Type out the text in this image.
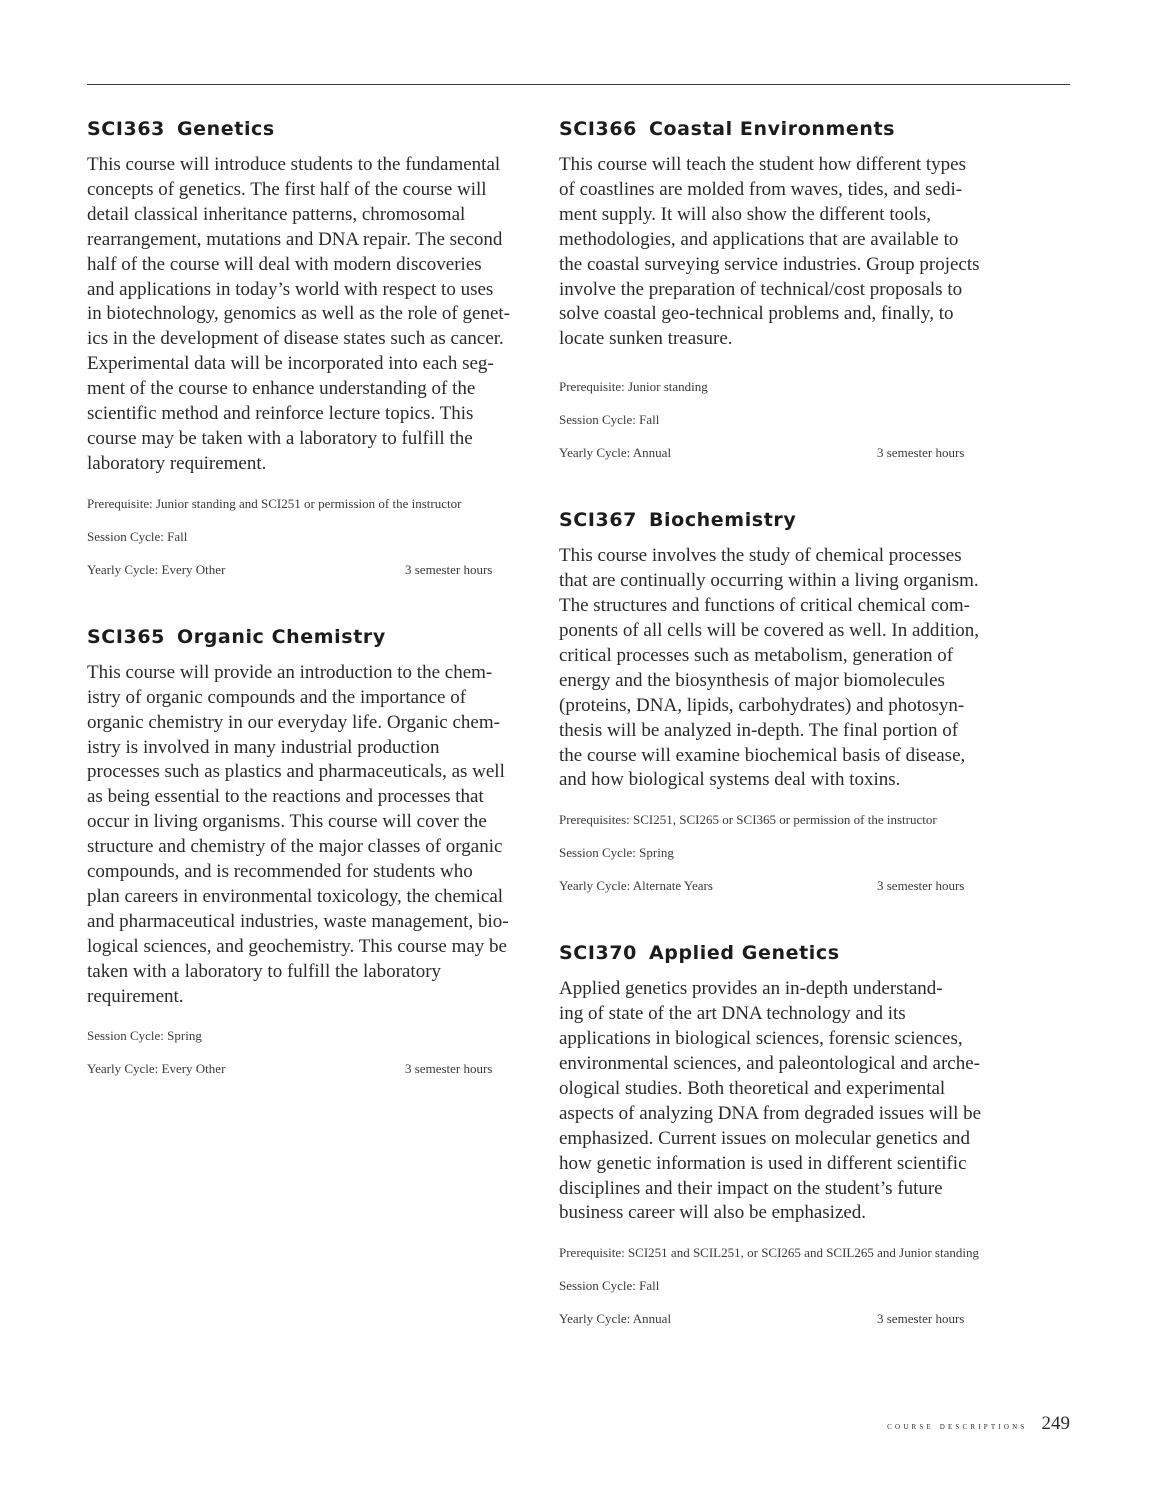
SCI363 Genetics

This course will introduce students to the fundamental
concepts of genetics. The first half of the course will
detail classical inheritance patterns, chromosomal
rearrangement, mutations and DNA repair. The second
half of the course will deal with modern discoveries
and applications in today’s world with respect to uses
in biotechnology, genomics as well as the role of genet-
ics in the development of disease states such as cancer.
Experimental data will be incorporated into each seg-
ment of the course to enhance understanding of the
scientific method and reinforce lecture topics. This
course may be taken with a laboratory to fulfill the
laboratory requirement.

Prerequisite: Junior standing and SCI251 or permission of the instructor

Session Cycle: Fall

Yearly Cycle: Every Other	3 semester hours

SCI365 Organic Chemistry

This course will provide an introduction to the chem-
istry of organic compounds and the importance of
organic chemistry in our everyday life. Organic chem-
istry is involved in many industrial production
processes such as plastics and pharmaceuticals, as well
as being essential to the reactions and processes that
occur in living organisms. This course will cover the
structure and chemistry of the major classes of organic
compounds, and is recommended for students who
plan careers in environmental toxicology, the chemical
and pharmaceutical industries, waste management, bio-
logical sciences, and geochemistry. This course may be
taken with a laboratory to fulfill the laboratory
requirement.

Session Cycle: Spring

Yearly Cycle: Every Other	3 semester hours

SCI366 Coastal Environments

This course will teach the student how different types
of coastlines are molded from waves, tides, and sedi-
ment supply. It will also show the different tools,
methodologies, and applications that are available to
the coastal surveying service industries. Group projects
involve the preparation of technical/cost proposals to
solve coastal geo-technical problems and, finally, to
locate sunken treasure.

Prerequisite: Junior standing

Session Cycle: Fall

Yearly Cycle: Annual	3 semester hours

SCI367 Biochemistry

This course involves the study of chemical processes
that are continually occurring within a living organism.
The structures and functions of critical chemical com-
ponents of all cells will be covered as well. In addition,
critical processes such as metabolism, generation of
energy and the biosynthesis of major biomolecules
(proteins, DNA, lipids, carbohydrates) and photosyn-
thesis will be analyzed in-depth. The final portion of
the course will examine biochemical basis of disease,
and how biological systems deal with toxins.

Prerequisites: SCI251, SCI265 or SCI365 or permission of the instructor

Session Cycle: Spring

Yearly Cycle: Alternate Years	3 semester hours

SCI370 Applied Genetics

Applied genetics provides an in-depth understand-
ing of state of the art DNA technology and its
applications in biological sciences, forensic sciences,
environmental sciences, and paleontological and arche-
ological studies. Both theoretical and experimental
aspects of analyzing DNA from degraded issues will be
emphasized. Current issues on molecular genetics and
how genetic information is used in different scientific
disciplines and their impact on the student’s future
business career will also be emphasized.

Prerequisite: SCI251 and SCIL251, or SCI265 and SCIL265 and Junior standing

Session Cycle: Fall

Yearly Cycle: Annual	3 semester hours

course descriptions 249
